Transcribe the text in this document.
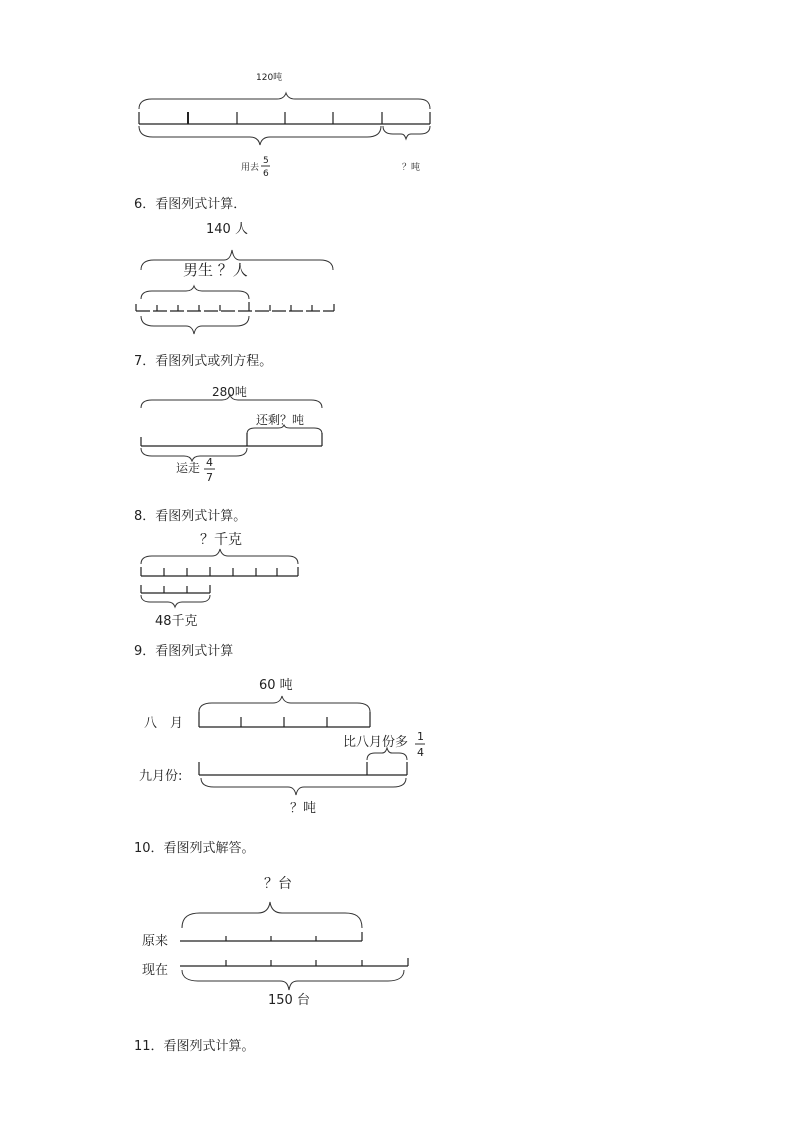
120吨
用去
5
6
？吨
6．看图列式计算．
140 人
男生 ？人
7．看图列式或列方程。
280吨
还剩？吨
运走 4
7
8．看图列式计算。
？千克
48千克
9．看图列式计算
60 吨
八　月
比八月份多 1
4
九月份:
？吨
10．看图列式解答。
？台
原来
现在
150 台
11．看图列式计算。
